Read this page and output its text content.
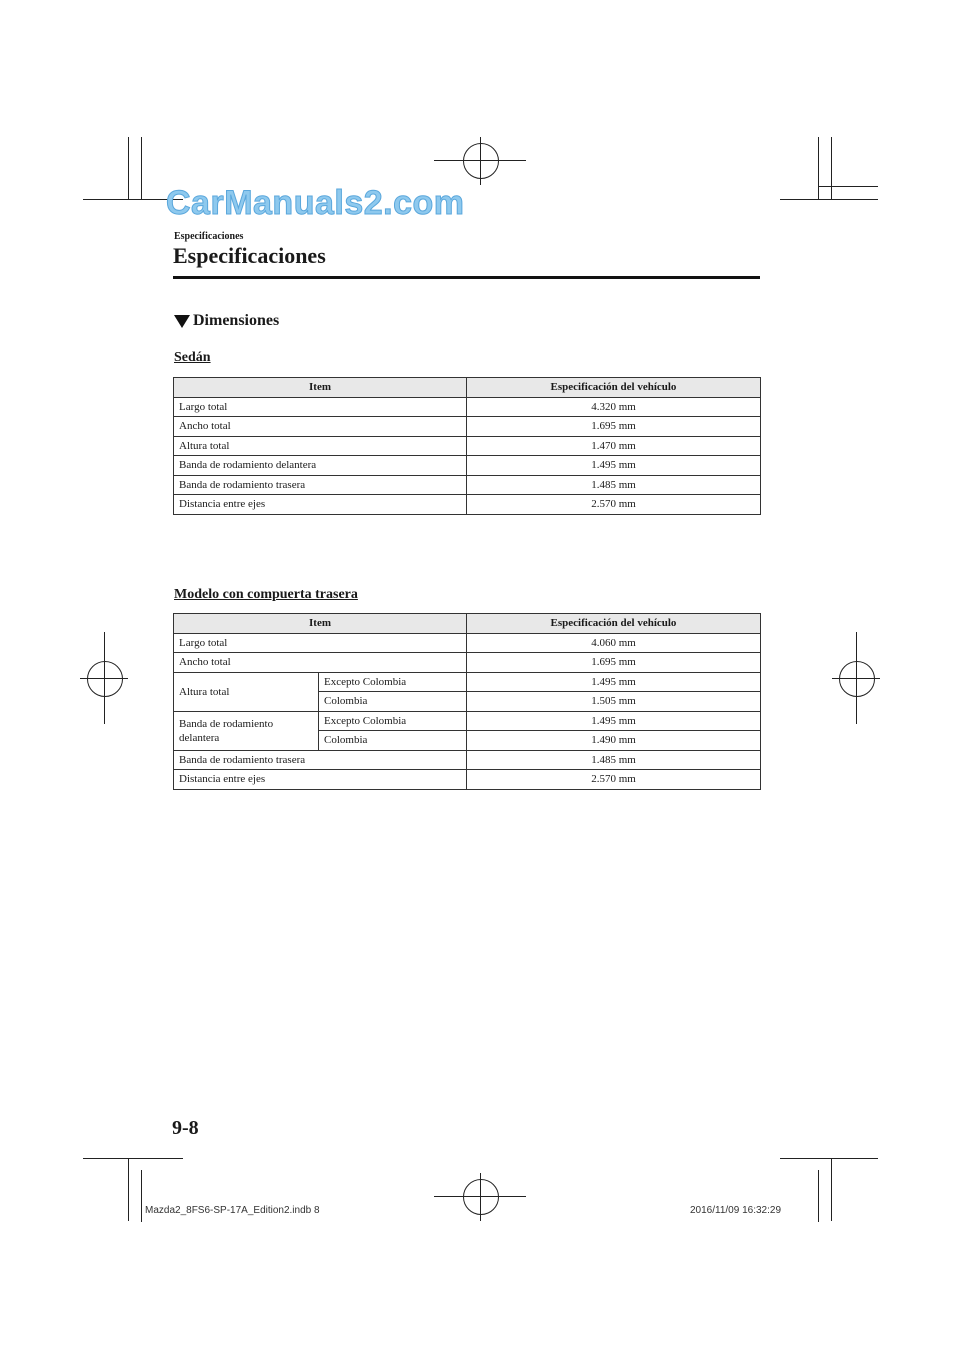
CarManuals2.com
Especificaciones
Especificaciones
Dimensiones
Sedán
Item	Especificación del vehículo
Largo total	4.320 mm
Ancho total	1.695 mm
Altura total	1.470 mm
Banda de rodamiento delantera	1.495 mm
Banda de rodamiento trasera	1.485 mm
Distancia entre ejes	2.570 mm
Modelo con compuerta trasera
Item		Especificación del vehículo
Largo total		4.060 mm
Ancho total		1.695 mm
Altura total	Excepto Colombia	1.495 mm
	Colombia	1.505 mm
Banda de rodamiento delantera	Excepto Colombia	1.495 mm
	Colombia	1.490 mm
Banda de rodamiento trasera		1.485 mm
Distancia entre ejes		2.570 mm
9-8
Mazda2_8FS6-SP-17A_Edition2.indb 8	2016/11/09 16:32:29
